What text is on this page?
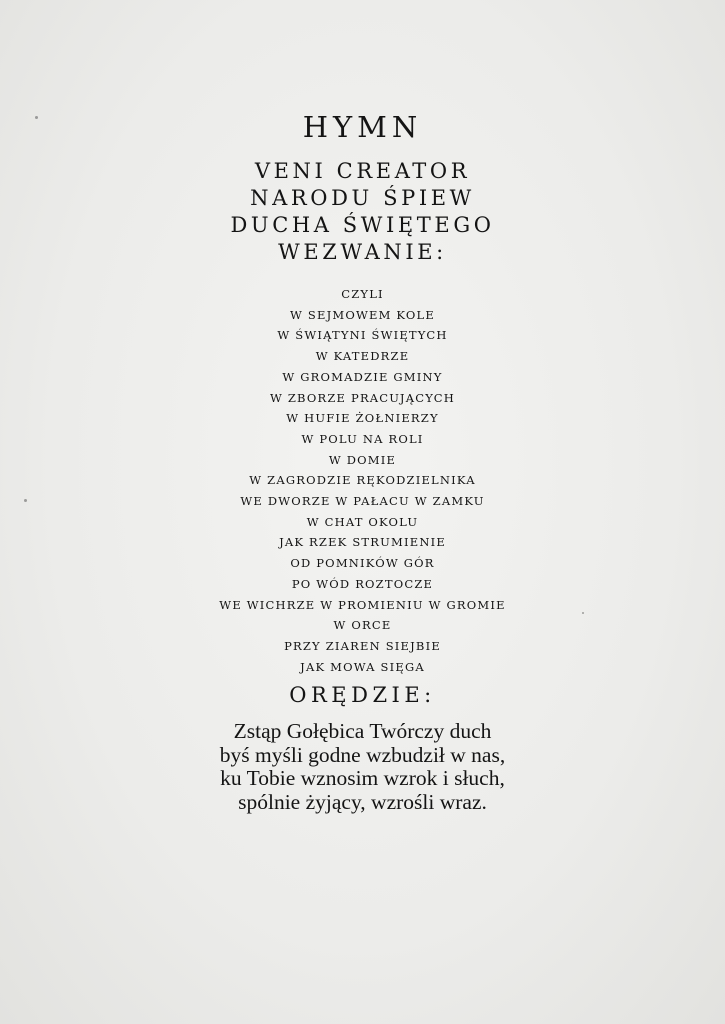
HYMN
VENI CREATOR
NARODU ŚPIEW
DUCHA ŚWIĘTEGO
WEZWANIE:
CZYLI
W SEJMOWEM KOLE
W ŚWIĄTYNI ŚWIĘTYCH
W KATEDRZE
W GROMADZIE GMINY
W ZBORZE PRACUJĄCYCH
W HUFIE ŻOŁNIERZY
W POLU NA ROLI
W DOMIE
W ZAGRODZIE RĘKODZIELNIKA
WE DWORZE W PAŁACU W ZAMKU
W CHAT OKOLU
JAK RZEK STRUMIENIE
OD POMNIKÓW GÓR
PO WÓD ROZTOCZE
WE WICHRZE W PROMIENIU W GROMIE
W ORCE
PRZY ZIAREN SIEJBIE
JAK MOWA SIĘGA
ORĘDZIE:
Zstąp Gołębica Twórczy duch
byś myśli godne wzbudził w nas,
ku Tobie wznosim wzrok i słuch,
spólnie żyjący, wzrośli wraz.
